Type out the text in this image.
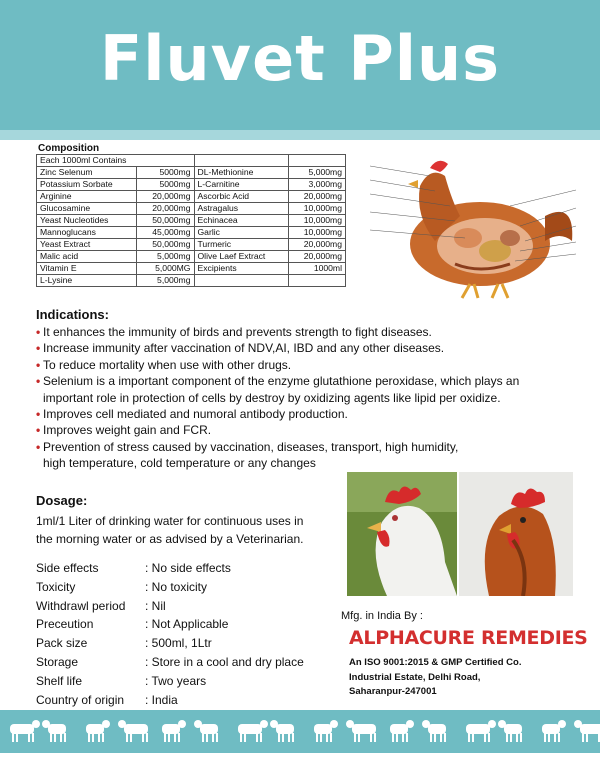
Fluvet Plus
Composition
Each 1000ml Contains			
Zinc Selenum	5000mg	DL-Methionine	5,000mg
Potassium Sorbate	5000mg	L-Carnitine	3,000mg
Arginine	20,000mg	Ascorbic Acid	20,000mg
Glucosamine	20,000mg	Astragalus	10,000mg
Yeast Nucleotides	50,000mg	Echinacea	10,000mg
Mannoglucans	45,000mg	Garlic	10,000mg
Yeast Extract	50,000mg	Turmeric	20,000mg
Malic acid	5,000mg	Olive Laef Extract	20,000mg
Vitamin E	5,000MG	Excipients	1000ml
L-Lysine	5,000mg		
Indications:
• It enhances the immunity of birds and prevents strength to fight diseases.
• Increase immunity after vaccination of NDV,AI, IBD and any other diseases.
• To reduce mortality when use with other drugs.
• Selenium is a important component of the enzyme glutathione peroxidase, which plays an
important role in protection of cells by destroy by oxidizing agents like lipid per oxidize.
• Improves cell mediated and numoral antibody production.
• Improves weight gain and FCR.
• Prevention of stress caused by vaccination, diseases, transport, high humidity,
high temperature, cold temperature or any changes
Dosage:
1ml/1 Liter of drinking water for continuous uses in
the morning water or as advised by a Veterinarian.
Side effects	: No side effects
Toxicity	: No toxicity
Withdrawl period : Nil
Preceution	: Not Applicable
Pack size	: 500ml, 1Ltr
Storage	: Store in a cool and dry place
Shelf life	: Two years
Country of origin : India
Mfg. in India By :
ALPHACURE REMEDIES
An ISO 9001:2015 & GMP Certified Co.
Industrial Estate, Delhi Road,
Saharanpur-247001
